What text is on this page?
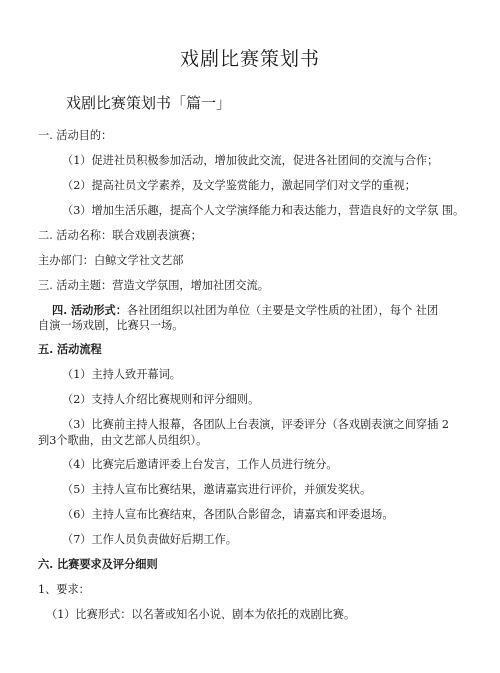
戏剧比赛策划书
戏剧比赛策划书「篇一」
一. 活动目的：
（1）促进社员积极参加活动，增加彼此交流，促进各社团间的交流与合作；
（2）提高社员文学素养，及文学鉴赏能力，激起同学们对文学的重视；
（3）增加生活乐趣，提高个人文学演绎能力和表达能力，营造良好的文学氛 围。
二. 活动名称：联合戏剧表演赛；
主办部门：白鲸文学社文艺部
三. 活动主题：营造文学氛围，增加社团交流。
四. 活动形式：各社团组织以社团为单位（主要是文学性质的社团），每个 社团
自演一场戏剧，比赛只一场。
五. 活动流程
（1）主持人致开幕词。
（2）支持人介绍比赛规则和评分细则。
（3）比赛前主持人报幕，各团队上台表演，评委评分（各戏剧表演之间穿插 2
到3个歌曲，由文艺部人员组织）。
（4）比赛完后邀请评委上台发言，工作人员进行统分。
（5）主持人宣布比赛结果，邀请嘉宾进行评价，并颁发奖状。
（6）主持人宣布比赛结束，各团队合影留念，请嘉宾和评委退场。
（7）工作人员负责做好后期工作。
六. 比赛要求及评分细则
1、要求：
（1）比赛形式：以名著或知名小说、剧本为依托的戏剧比赛。
